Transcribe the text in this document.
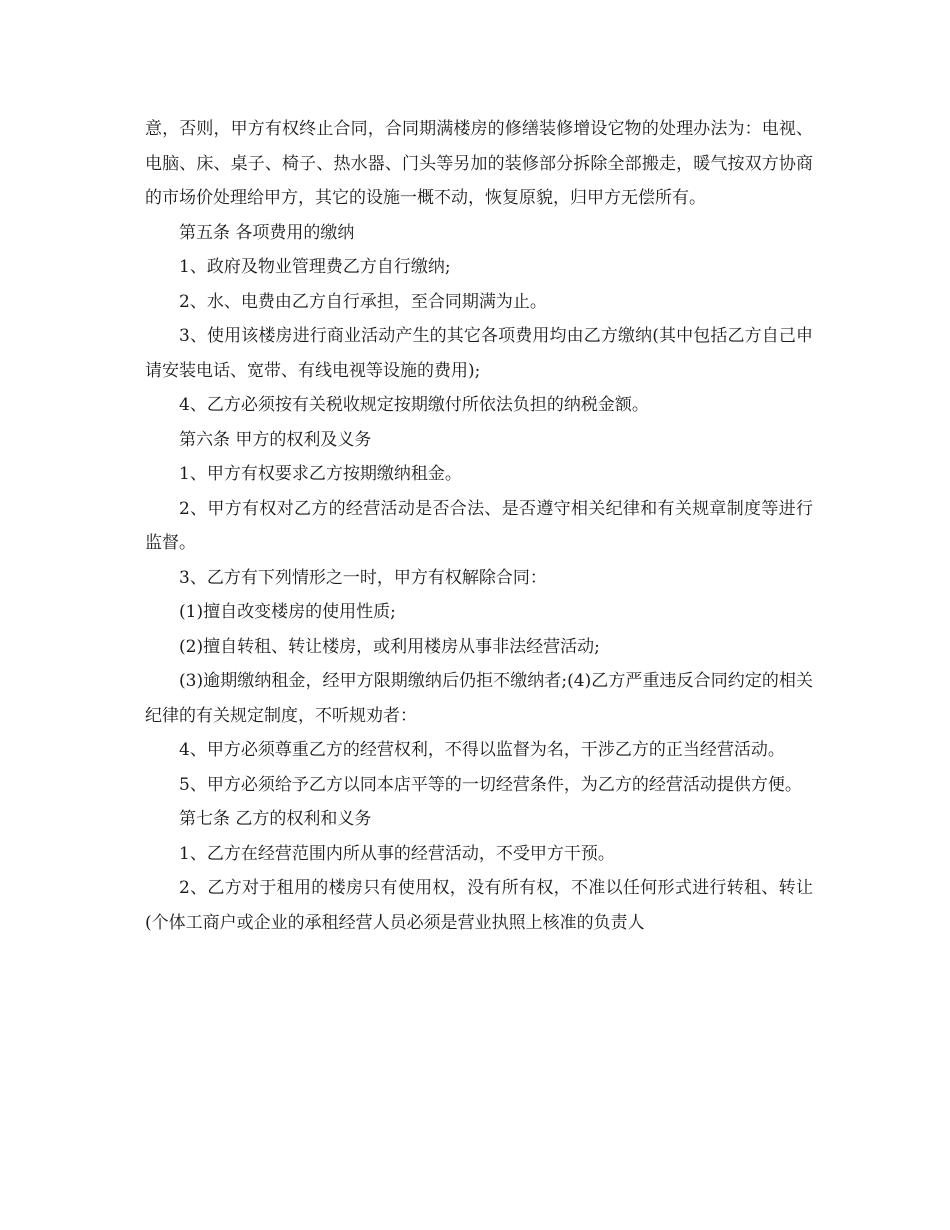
意，否则，甲方有权终止合同，合同期满楼房的修缮装修增设它物的处理办法为：电视、电脑、床、桌子、椅子、热水器、门头等另加的装修部分拆除全部搬走，暖气按双方协商的市场价处理给甲方，其它的设施一概不动，恢复原貌，归甲方无偿所有。

第五条 各项费用的缴纳

1、政府及物业管理费乙方自行缴纳;

2、水、电费由乙方自行承担，至合同期满为止。

3、使用该楼房进行商业活动产生的其它各项费用均由乙方缴纳(其中包括乙方自己申请安装电话、宽带、有线电视等设施的费用);

4、乙方必须按有关税收规定按期缴付所依法负担的纳税金额。

第六条 甲方的权利及义务

1、甲方有权要求乙方按期缴纳租金。

2、甲方有权对乙方的经营活动是否合法、是否遵守相关纪律和有关规章制度等进行监督。

3、乙方有下列情形之一时，甲方有权解除合同：

(1)擅自改变楼房的使用性质;

(2)擅自转租、转让楼房，或利用楼房从事非法经营活动;

(3)逾期缴纳租金，经甲方限期缴纳后仍拒不缴纳者;(4)乙方严重违反合同约定的相关纪律的有关规定制度，不听规劝者：

4、甲方必须尊重乙方的经营权利，不得以监督为名，干涉乙方的正当经营活动。

5、甲方必须给予乙方以同本店平等的一切经营条件，为乙方的经营活动提供方便。

第七条 乙方的权利和义务

1、乙方在经营范围内所从事的经营活动，不受甲方干预。

2、乙方对于租用的楼房只有使用权，没有所有权，不准以任何形式进行转租、转让(个体工商户或企业的承租经营人员必须是营业执照上核准的负责人
